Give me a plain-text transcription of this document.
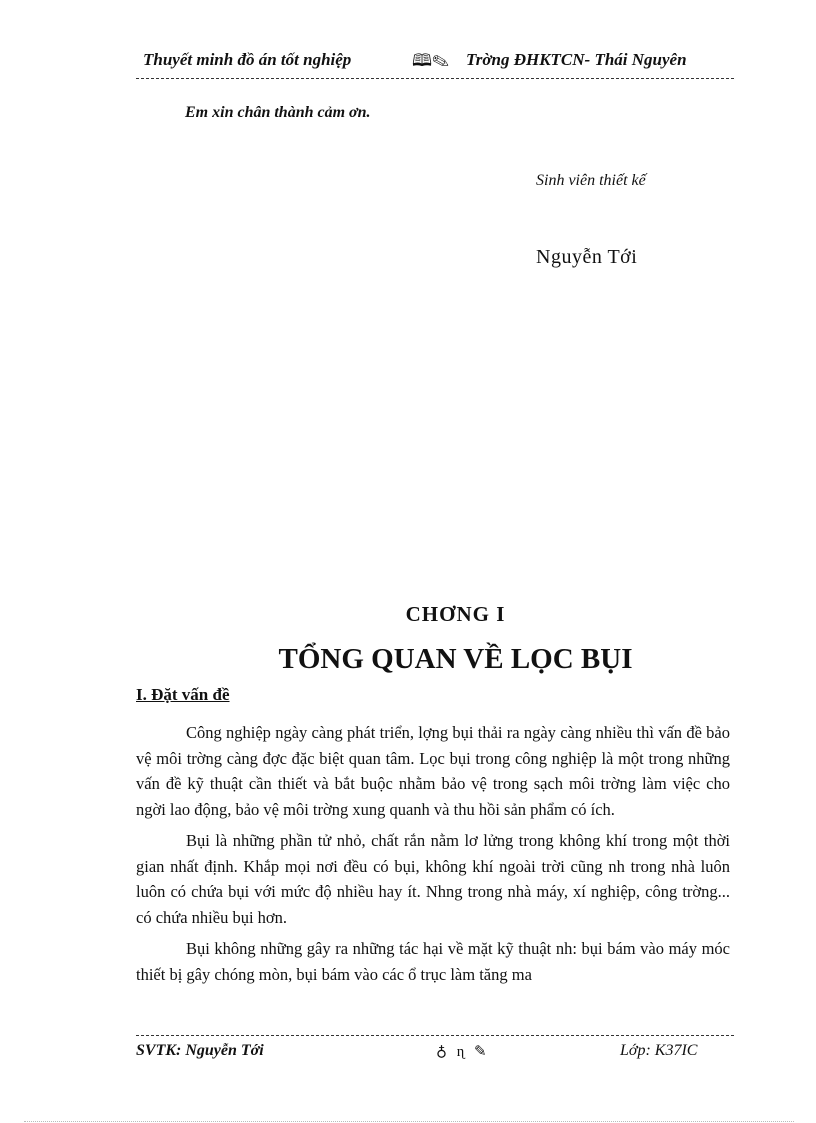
Thuyết minh đồ án tốt nghiệp	🕮✎ Trờng ĐHKTCN- Thái Nguyên
Em xin chân thành cảm ơn.
Sinh viên thiết kế
Nguyễn Tới
CHƠNG I
TỔNG QUAN VỀ LỌC BỤI
I. Đặt vấn đề

Công nghiệp ngày càng phát triển, lợng bụi thải ra ngày càng nhiều thì vấn đề bảo vệ môi trờng càng đợc đặc biệt quan tâm. Lọc bụi trong công nghiệp là một trong những vấn đề kỹ thuật cần thiết và bắt buộc nhằm bảo vệ trong sạch môi trờng làm việc cho ngời lao động, bảo vệ môi trờng xung quanh và thu hồi sản phẩm có ích.

Bụi là những phần tử nhỏ, chất rắn nằm lơ lửng trong không khí trong một thời gian nhất định. Khắp mọi nơi đều có bụi, không khí ngoài trời cũng nh trong nhà luôn luôn có chứa bụi với mức độ nhiều hay ít. Nhng trong nhà máy, xí nghiệp, công trờng... có chứa nhiều bụi hơn.

Bụi không những gây ra những tác hại về mặt kỹ thuật nh: bụi bám vào máy móc thiết bị gây chóng mòn, bụi bám vào các ổ trục làm tăng ma

SVTK: Nguyễn Tới	♁ ɳ ✎	Lớp: K37IC
